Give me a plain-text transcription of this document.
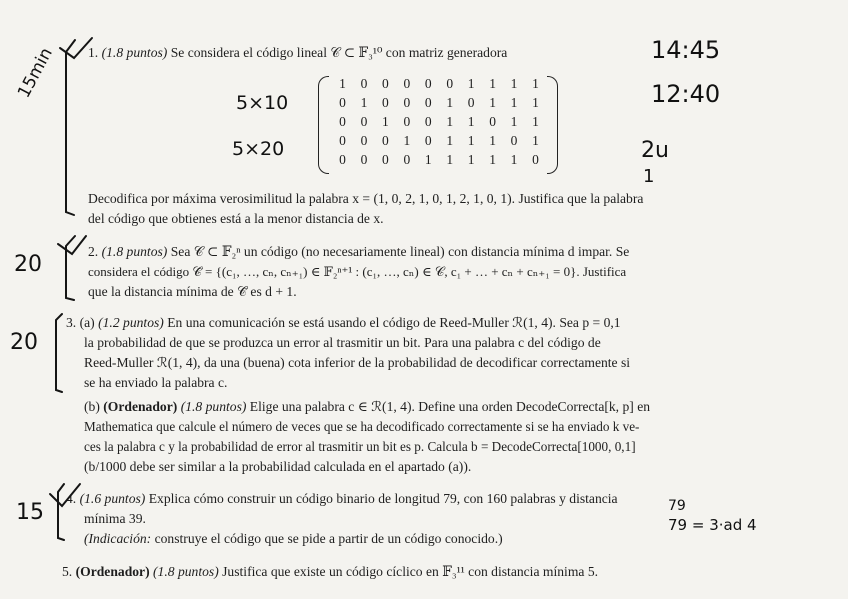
1. (1.8 puntos) Se considera el código lineal 𝒞 ⊂ 𝔽₃¹⁰ con matriz generadora
1	0	0	0	0	0	1	1	1	1
0	1	0	0	0	1	0	1	1	1
0	0	1	0	0	1	1	0	1	1
0	0	0	1	0	1	1	1	0	1
0	0	0	0	1	1	1	1	1	0
Decodifica por máxima verosimilitud la palabra x = (1, 0, 2, 1, 0, 1, 2, 1, 0, 1). Justifica que la palabra
del código que obtienes está a la menor distancia de x.
2. (1.8 puntos) Sea 𝒞 ⊂ 𝔽₂ⁿ un código (no necesariamente lineal) con distancia mínima d impar. Se
considera el código 𝒞̄ = {(c₁, …, cₙ, cₙ₊₁) ∈ 𝔽₂ⁿ⁺¹ : (c₁, …, cₙ) ∈ 𝒞, c₁ + … + cₙ + cₙ₊₁ = 0}. Justifica
que la distancia mínima de 𝒞̄ es d + 1.
3. (a) (1.2 puntos) En una comunicación se está usando el código de Reed-Muller ℛ(1, 4). Sea p = 0,1
la probabilidad de que se produzca un error al trasmitir un bit. Para una palabra c del código de
Reed-Muller ℛ(1, 4), da una (buena) cota inferior de la probabilidad de decodificar correctamente si
se ha enviado la palabra c.
(b) (Ordenador) (1.8 puntos) Elige una palabra c ∈ ℛ(1, 4). Define una orden DecodeCorrecta[k, p] en
Mathematica que calcule el número de veces que se ha decodificado correctamente si se ha enviado k ve-
ces la palabra c y la probabilidad de error al trasmitir un bit es p. Calcula b = DecodeCorrecta[1000, 0,1]
(b/1000 debe ser similar a la probabilidad calculada en el apartado (a)).
4. (1.6 puntos) Explica cómo construir un código binario de longitud 79, con 160 palabras y distancia
mínima 39.
(Indicación: construye el código que se pide a partir de un código conocido.)
5. (Ordenador) (1.8 puntos) Justifica que existe un código cíclico en 𝔽₃¹¹ con distancia mínima 5.
14:45
12:40
5×10
5×20	2u
1
15min
20
20
15	79
79 = 3·ad 4
